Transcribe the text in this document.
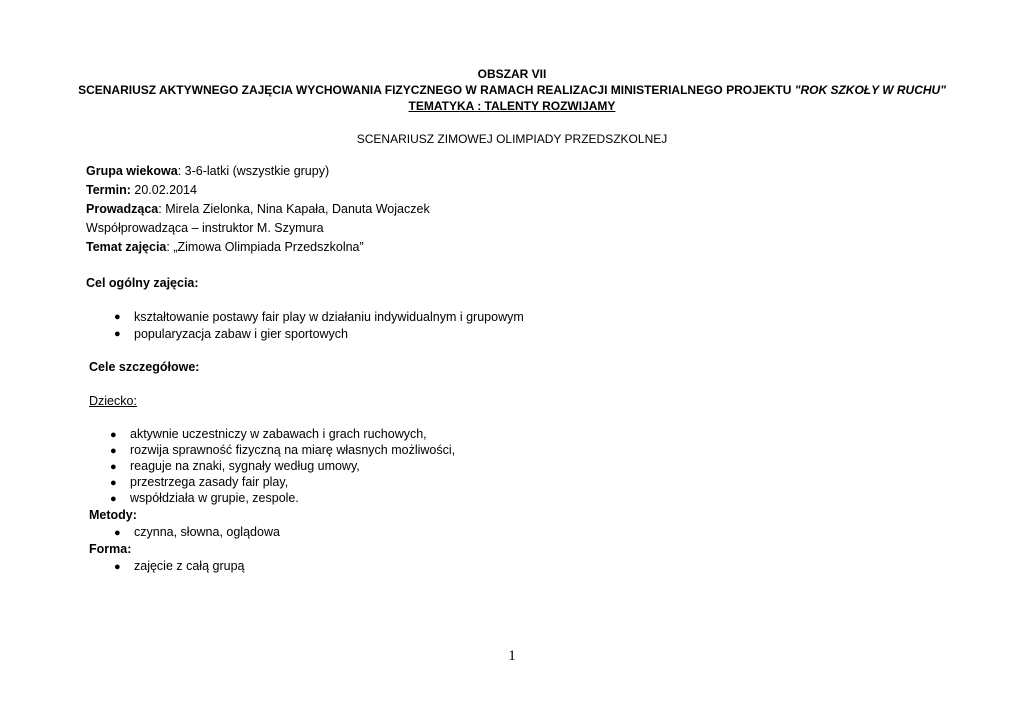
OBSZAR VII
SCENARIUSZ AKTYWNEGO ZAJĘCIA WYCHOWANIA FIZYCZNEGO W RAMACH REALIZACJI MINISTERIALNEGO PROJEKTU "ROK SZKOŁY W RUCHU"
TEMATYKA : TALENTY ROZWIJAMY
SCENARIUSZ ZIMOWEJ OLIMPIADY PRZEDSZKOLNEJ
Grupa wiekowa: 3-6-latki (wszystkie grupy)
Termin: 20.02.2014
Prowadząca: Mirela Zielonka, Nina Kapała, Danuta Wojaczek
Współprowadząca – instruktor M. Szymura
Temat zajęcia: „Zimowa Olimpiada Przedszkolna”
Cel ogólny zajęcia:
● kształtowanie postawy fair play w działaniu indywidualnym i grupowym
● popularyzacja zabaw i gier sportowych
Cele szczegółowe:
Dziecko:
● aktywnie uczestniczy w zabawach i grach ruchowych,
● rozwija sprawność fizyczną na miarę własnych możliwości,
● reaguje na znaki, sygnały według umowy,
● przestrzega zasady fair play,
● współdziała w grupie, zespole.
Metody:
● czynna, słowna, oglądowa
Forma:
● zajęcie z całą grupą
1
